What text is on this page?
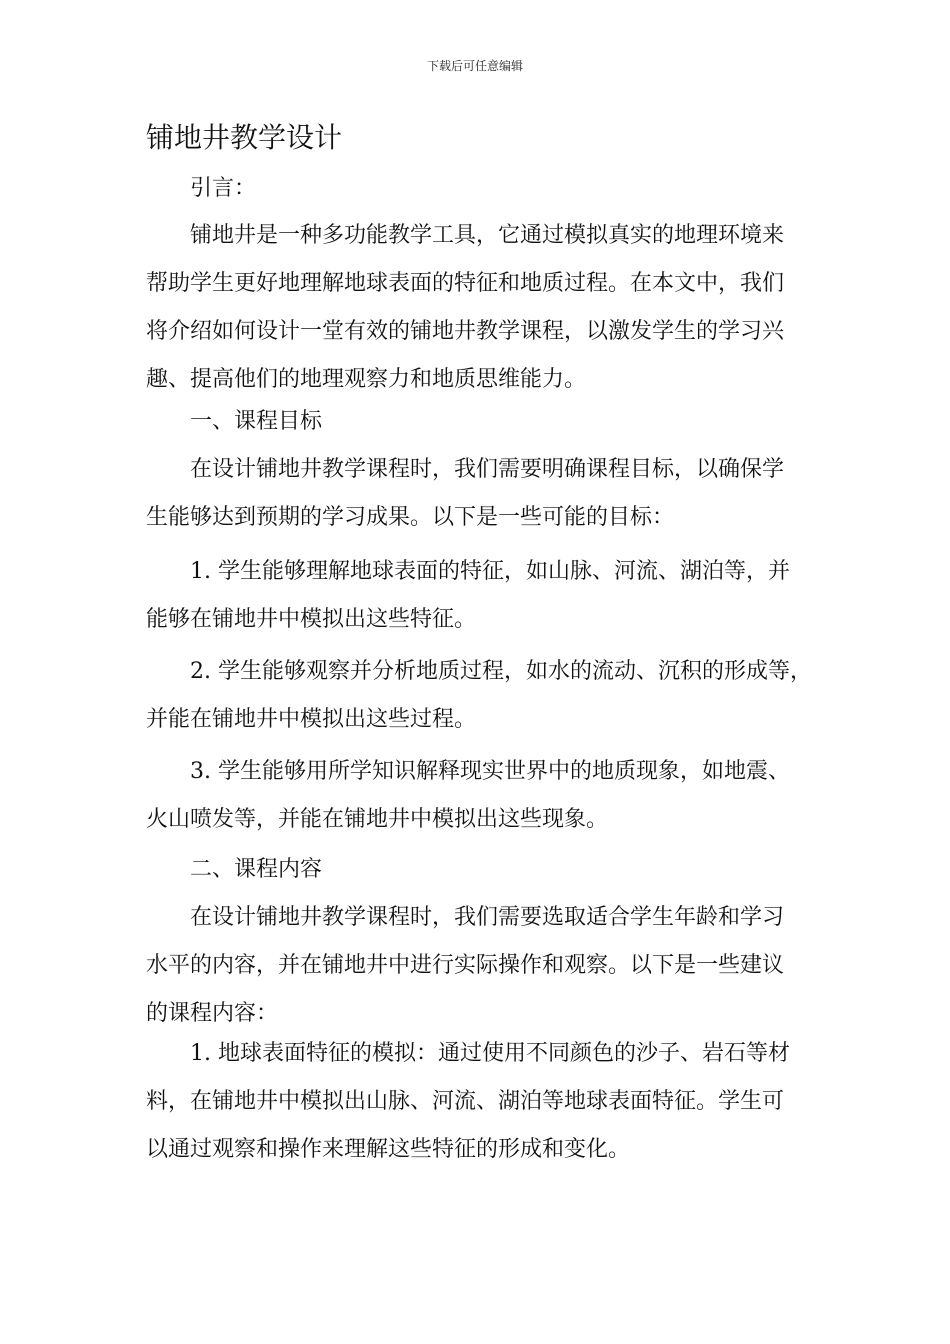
下载后可任意编辑
铺地井教学设计
引言：
铺地井是一种多功能教学工具，它通过模拟真实的地理环境来
帮助学生更好地理解地球表面的特征和地质过程。在本文中，我们
将介绍如何设计一堂有效的铺地井教学课程，以激发学生的学习兴
趣、提高他们的地理观察力和地质思维能力。
一、课程目标
在设计铺地井教学课程时，我们需要明确课程目标，以确保学
生能够达到预期的学习成果。以下是一些可能的目标：
1. 学生能够理解地球表面的特征，如山脉、河流、湖泊等，并
能够在铺地井中模拟出这些特征。
2. 学生能够观察并分析地质过程，如水的流动、沉积的形成等，
并能在铺地井中模拟出这些过程。
3. 学生能够用所学知识解释现实世界中的地质现象，如地震、
火山喷发等，并能在铺地井中模拟出这些现象。
二、课程内容
在设计铺地井教学课程时，我们需要选取适合学生年龄和学习
水平的内容，并在铺地井中进行实际操作和观察。以下是一些建议
的课程内容：
1. 地球表面特征的模拟：通过使用不同颜色的沙子、岩石等材
料，在铺地井中模拟出山脉、河流、湖泊等地球表面特征。学生可
以通过观察和操作来理解这些特征的形成和变化。
